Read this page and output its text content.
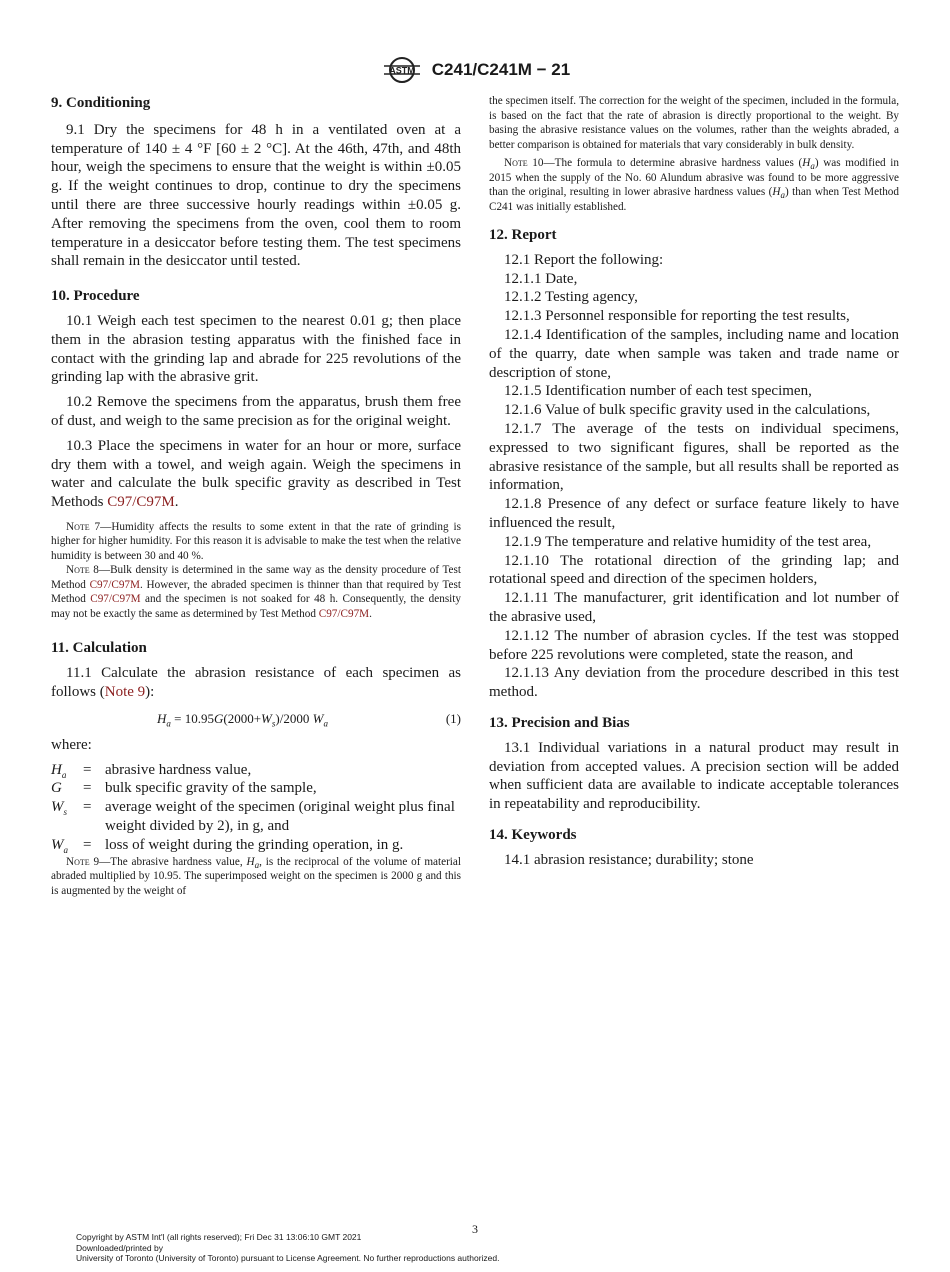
ASTM C241/C241M − 21
9. Conditioning

9.1 Dry the specimens for 48 h in a ventilated oven at a temperature of 140 ± 4 °F [60 ± 2 °C]. At the 46th, 47th, and 48th hour, weigh the specimens to ensure that the weight is within ±0.05 g. If the weight continues to drop, continue to dry the specimens until there are three successive hourly readings within ±0.05 g. After removing the specimens from the oven, cool them to room temperature in a desiccator before testing them. The test specimens shall remain in the desiccator until tested.

10. Procedure

10.1 Weigh each test specimen to the nearest 0.01 g; then place them in the abrasion testing apparatus with the finished face in contact with the grinding lap and abrade for 225 revolutions of the grinding lap with the abrasive grit.

10.2 Remove the specimens from the apparatus, brush them free of dust, and weigh to the same precision as for the original weight.

10.3 Place the specimens in water for an hour or more, surface dry them with a towel, and weigh again. Weigh the specimens in water and calculate the bulk specific gravity as described in Test Methods C97/C97M.

Note 7—Humidity affects the results to some extent in that the rate of grinding is higher for higher humidity. For this reason it is advisable to make the test when the relative humidity is between 30 and 40 %.

Note 8—Bulk density is determined in the same way as the density procedure of Test Method C97/C97M. However, the abraded specimen is thinner than that required by Test Method C97/C97M and the specimen is not soaked for 48 h. Consequently, the density may not be exactly the same as determined by Test Method C97/C97M.

11. Calculation

11.1 Calculate the abrasion resistance of each specimen as follows (Note 9):

$H_a = 10.95G(2000+W_s)/2000$ $W_a$	(1)

where:

$H_a$ = abrasive hardness value,
G = bulk specific gravity of the sample,
$W_s$ = average weight of the specimen (original weight plus final weight divided by 2), in g, and
$W_a$ = loss of weight during the grinding operation, in g.

Note 9—The abrasive hardness value, $H_a$, is the reciprocal of the volume of material abraded multiplied by 10.95. The superimposed weight on the specimen is 2000 g and this is augmented by the weight of

the specimen itself. The correction for the weight of the specimen, included in the formula, is based on the fact that the rate of abrasion is directly proportional to the weight. By basing the abrasive resistance values on the volumes, rather than the weights abraded, a better comparison is obtained for materials that vary considerably in bulk density.

Note 10—The formula to determine abrasive hardness values $(H_a)$ was modified in 2015 when the supply of the No. 60 Alundum abrasive was found to be more aggressive than the original, resulting in lower abrasive hardness values $(H_a)$ than when Test Method C241 was initially established.

12. Report

12.1 Report the following:

12.1.1 Date,

12.1.2 Testing agency,

12.1.3 Personnel responsible for reporting the test results,

12.1.4 Identification of the samples, including name and location of the quarry, date when sample was taken and trade name or description of stone,

12.1.5 Identification number of each test specimen,

12.1.6 Value of bulk specific gravity used in the calculations,

12.1.7 The average of the tests on individual specimens, expressed to two significant figures, shall be reported as the abrasive resistance of the sample, but all results shall be reported as information,

12.1.8 Presence of any defect or surface feature likely to have influenced the result,

12.1.9 The temperature and relative humidity of the test area,

12.1.10 The rotational direction of the grinding lap; and rotational speed and direction of the specimen holders,

12.1.11 The manufacturer, grit identification and lot number of the abrasive used,

12.1.12 The number of abrasion cycles. If the test was stopped before 225 revolutions were completed, state the reason, and

12.1.13 Any deviation from the procedure described in this test method.

13. Precision and Bias

13.1 Individual variations in a natural product may result in deviation from accepted values. A precision section will be added when sufficient data are available to indicate acceptable tolerances in repeatability and reproducibility.

14. Keywords

14.1 abrasion resistance; durability; stone

3
Copyright by ASTM Int'l (all rights reserved); Fri Dec 31 13:06:10 GMT 2021
Downloaded/printed by
University of Toronto (University of Toronto) pursuant to License Agreement. No further reproductions authorized.
